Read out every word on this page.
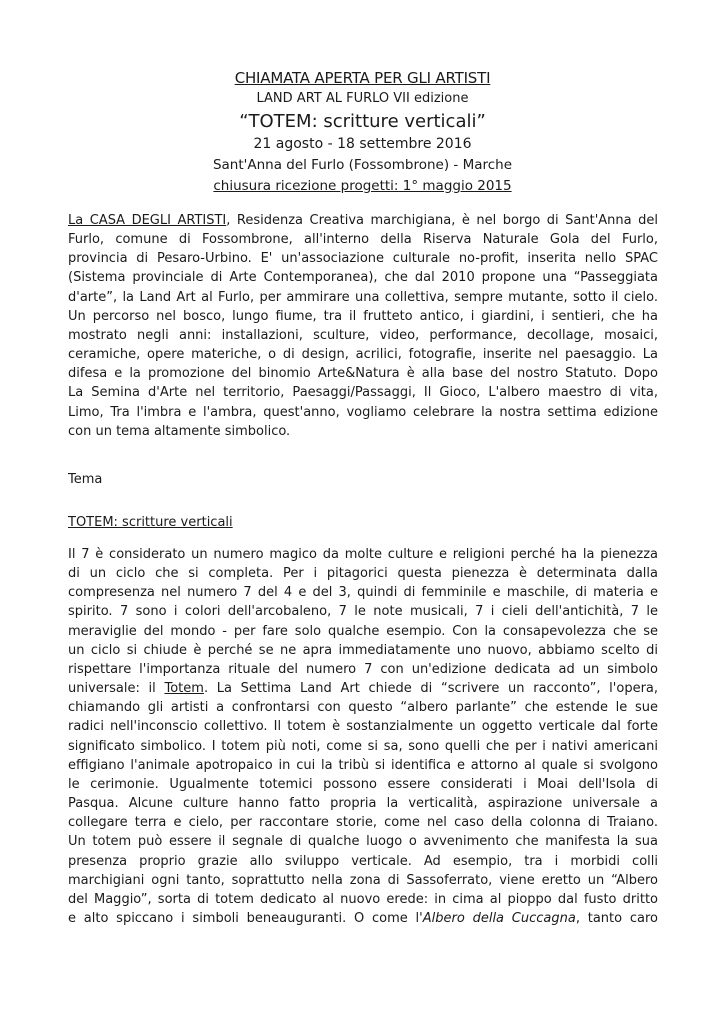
CHIAMATA APERTA PER GLI ARTISTI
LAND ART AL FURLO VII edizione
“TOTEM: scritture verticali”
21 agosto - 18 settembre 2016
Sant'Anna del Furlo (Fossombrone) - Marche
chiusura ricezione progetti: 1° maggio 2015
La CASA DEGLI ARTISTI, Residenza Creativa marchigiana, è nel borgo di Sant'Anna del
Furlo, comune di Fossombrone, all'interno della Riserva Naturale Gola del Furlo,
provincia di Pesaro-Urbino. E' un'associazione culturale no-profit, inserita nello SPAC
(Sistema provinciale di Arte Contemporanea), che dal 2010 propone una “Passeggiata
d'arte”, la Land Art al Furlo, per ammirare una collettiva, sempre mutante, sotto il cielo.
Un percorso nel bosco, lungo fiume, tra il frutteto antico, i giardini, i sentieri, che ha
mostrato negli anni: installazioni, sculture, video, performance, decollage, mosaici,
ceramiche, opere materiche, o di design, acrilici, fotografie, inserite nel paesaggio. La
difesa e la promozione del binomio Arte&Natura è alla base del nostro Statuto. Dopo
La Semina d'Arte nel territorio, Paesaggi/Passaggi, Il Gioco, L'albero maestro di vita,
Limo, Tra l'imbra e l'ambra, quest'anno, vogliamo celebrare la nostra settima edizione
con un tema altamente simbolico.
Tema
TOTEM: scritture verticali
Il 7 è considerato un numero magico da molte culture e religioni perché ha la pienezza
di un ciclo che si completa. Per i pitagorici questa pienezza è determinata dalla
compresenza nel numero 7 del 4 e del 3, quindi di femminile e maschile, di materia e
spirito. 7 sono i colori dell'arcobaleno, 7 le note musicali, 7 i cieli dell'antichità, 7 le
meraviglie del mondo - per fare solo qualche esempio. Con la consapevolezza che se
un ciclo si chiude è perché se ne apra immediatamente uno nuovo, abbiamo scelto di
rispettare l'importanza rituale del numero 7 con un'edizione dedicata ad un simbolo
universale: il Totem. La Settima Land Art chiede di “scrivere un racconto”, l'opera,
chiamando gli artisti a confrontarsi con questo “albero parlante” che estende le sue
radici nell'inconscio collettivo. Il totem è sostanzialmente un oggetto verticale dal forte
significato simbolico. I totem più noti, come si sa, sono quelli che per i nativi americani
effigiano l'animale apotropaico in cui la tribù si identifica e attorno al quale si svolgono
le cerimonie. Ugualmente totemici possono essere considerati i Moai dell'Isola di
Pasqua. Alcune culture hanno fatto propria la verticalità, aspirazione universale a
collegare terra e cielo, per raccontare storie, come nel caso della colonna di Traiano.
Un totem può essere il segnale di qualche luogo o avvenimento che manifesta la sua
presenza proprio grazie allo sviluppo verticale. Ad esempio, tra i morbidi colli
marchigiani ogni tanto, soprattutto nella zona di Sassoferrato, viene eretto un “Albero
del Maggio”, sorta di totem dedicato al nuovo erede: in cima al pioppo dal fusto dritto
e alto spiccano i simboli beneauguranti. O come l'Albero della Cuccagna, tanto caro
